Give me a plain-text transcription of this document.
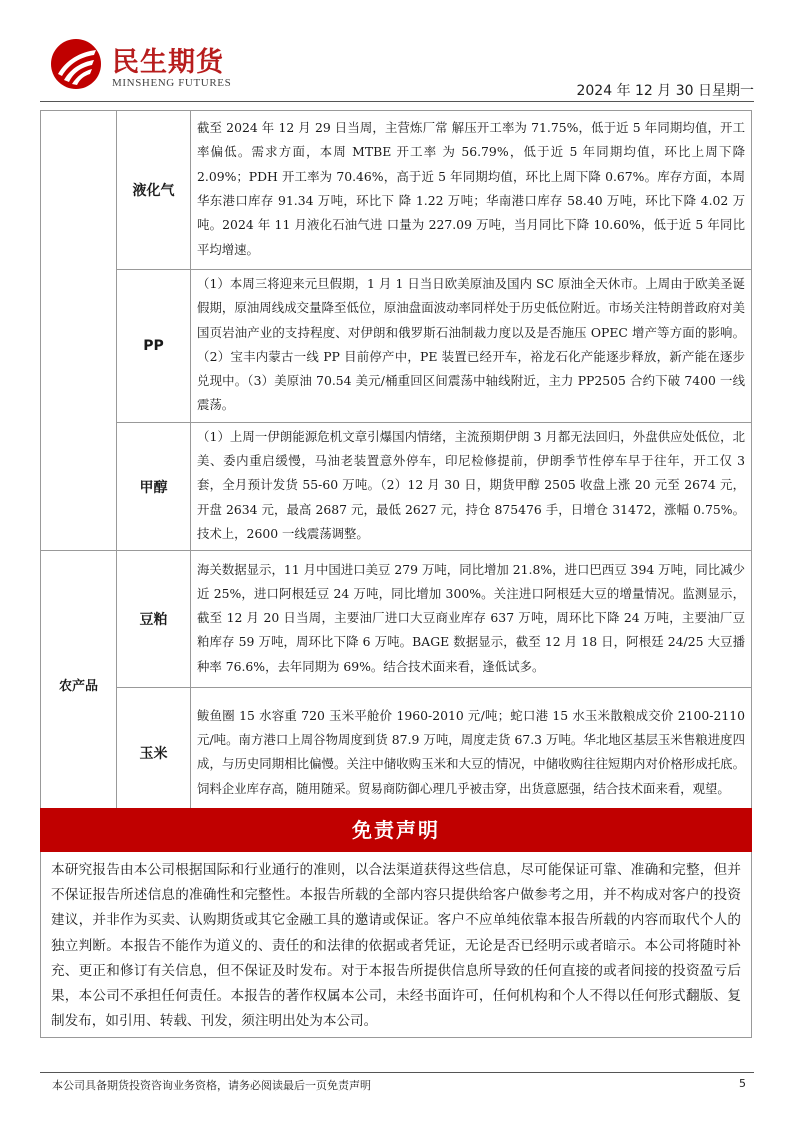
民生期货
MINSHENG FUTURES	2024 年 12 月 30 日星期一
	液化气	截至 2024 年 12 月 29 日当周，主营炼厂常 解压开工率为 71.75%，低于近 5 年同期均值，开工率偏低。需求方面，本周 MTBE 开工率 为 56.79%，低于近 5 年同期均值，环比上周下降 2.09%；PDH 开工率为 70.46%，高于近 5 年同期均值，环比上周下降 0.67%。库存方面，本周华东港口库存 91.34 万吨，环比下 降 1.22 万吨；华南港口库存 58.40 万吨，环比下降 4.02 万吨。2024 年 11 月液化石油气进 口量为 227.09 万吨，当月同比下降 10.60%，低于近 5 年同比平均增速。
	PP	（1）本周三将迎来元旦假期，1 月 1 日当日欧美原油及国内 SC 原油全天休市。上周由于欧美圣诞假期，原油周线成交量降至低位，原油盘面波动率同样处于历史低位附近。市场关注特朗普政府对美国页岩油产业的支持程度、对伊朗和俄罗斯石油制裁力度以及是否施压 OPEC 增产等方面的影响。（2）宝丰内蒙古一线 PP 目前停产中，PE 装置已经开车，裕龙石化产能逐步释放，新产能在逐步兑现中。（3）美原油 70.54 美元/桶重回区间震荡中轴线附近，主力 PP2505 合约下破 7400 一线震荡。
	甲醇	（1）上周一伊朗能源危机文章引爆国内情绪，主流预期伊朗 3 月都无法回归，外盘供应处低位，北美、委内重启缓慢，马油老装置意外停车，印尼检修提前，伊朗季节性停车早于往年，开工仅 3 套，全月预计发货 55-60 万吨。（2）12 月 30 日，期货甲醇 2505 收盘上涨 20 元至 2674 元，开盘 2634 元，最高 2687 元，最低 2627 元，持仓 875476 手，日增仓 31472，涨幅 0.75%。技术上，2600 一线震荡调整。
农产品	豆粕	海关数据显示，11 月中国进口美豆 279 万吨，同比增加 21.8%，进口巴西豆 394 万吨，同比减少近 25%，进口阿根廷豆 24 万吨，同比增加 300%。关注进口阿根廷大豆的增量情况。监测显示，截至 12 月 20 日当周，主要油厂进口大豆商业库存 637 万吨，周环比下降 24 万吨，主要油厂豆粕库存 59 万吨，周环比下降 6 万吨。BAGE 数据显示，截至 12 月 18 日，阿根廷 24/25 大豆播种率 76.6%，去年同期为 69%。结合技术面来看，逢低试多。
	玉米	鲅鱼圈 15 水容重 720 玉米平舱价 1960-2010 元/吨；蛇口港 15 水玉米散粮成交价 2100-2110 元/吨。南方港口上周谷物周度到货 87.9 万吨，周度走货 67.3 万吨。华北地区基层玉米售粮进度四成，与历史同期相比偏慢。关注中储收购玉米和大豆的情况，中储收购往往短期内对价格形成托底。饲料企业库存高，随用随采。贸易商防御心理几乎被击穿，出货意愿强，结合技术面来看，观望。
免责声明
本研究报告由本公司根据国际和行业通行的准则，以合法渠道获得这些信息，尽可能保证可靠、准确和完整，但并不保证报告所述信息的准确性和完整性。本报告所载的全部内容只提供给客户做参考之用，并不构成对客户的投资建议，并非作为买卖、认购期货或其它金融工具的邀请或保证。客户不应单纯依靠本报告所载的内容而取代个人的独立判断。本报告不能作为道义的、责任的和法律的依据或者凭证，无论是否已经明示或者暗示。本公司将随时补充、更正和修订有关信息，但不保证及时发布。对于本报告所提供信息所导致的任何直接的或者间接的投资盈亏后果，本公司不承担任何责任。本报告的著作权属本公司，未经书面许可，任何机构和个人不得以任何形式翻版、复制发布，如引用、转载、刊发，须注明出处为本公司。
本公司具备期货投资咨询业务资格，请务必阅读最后一页免责声明	5
